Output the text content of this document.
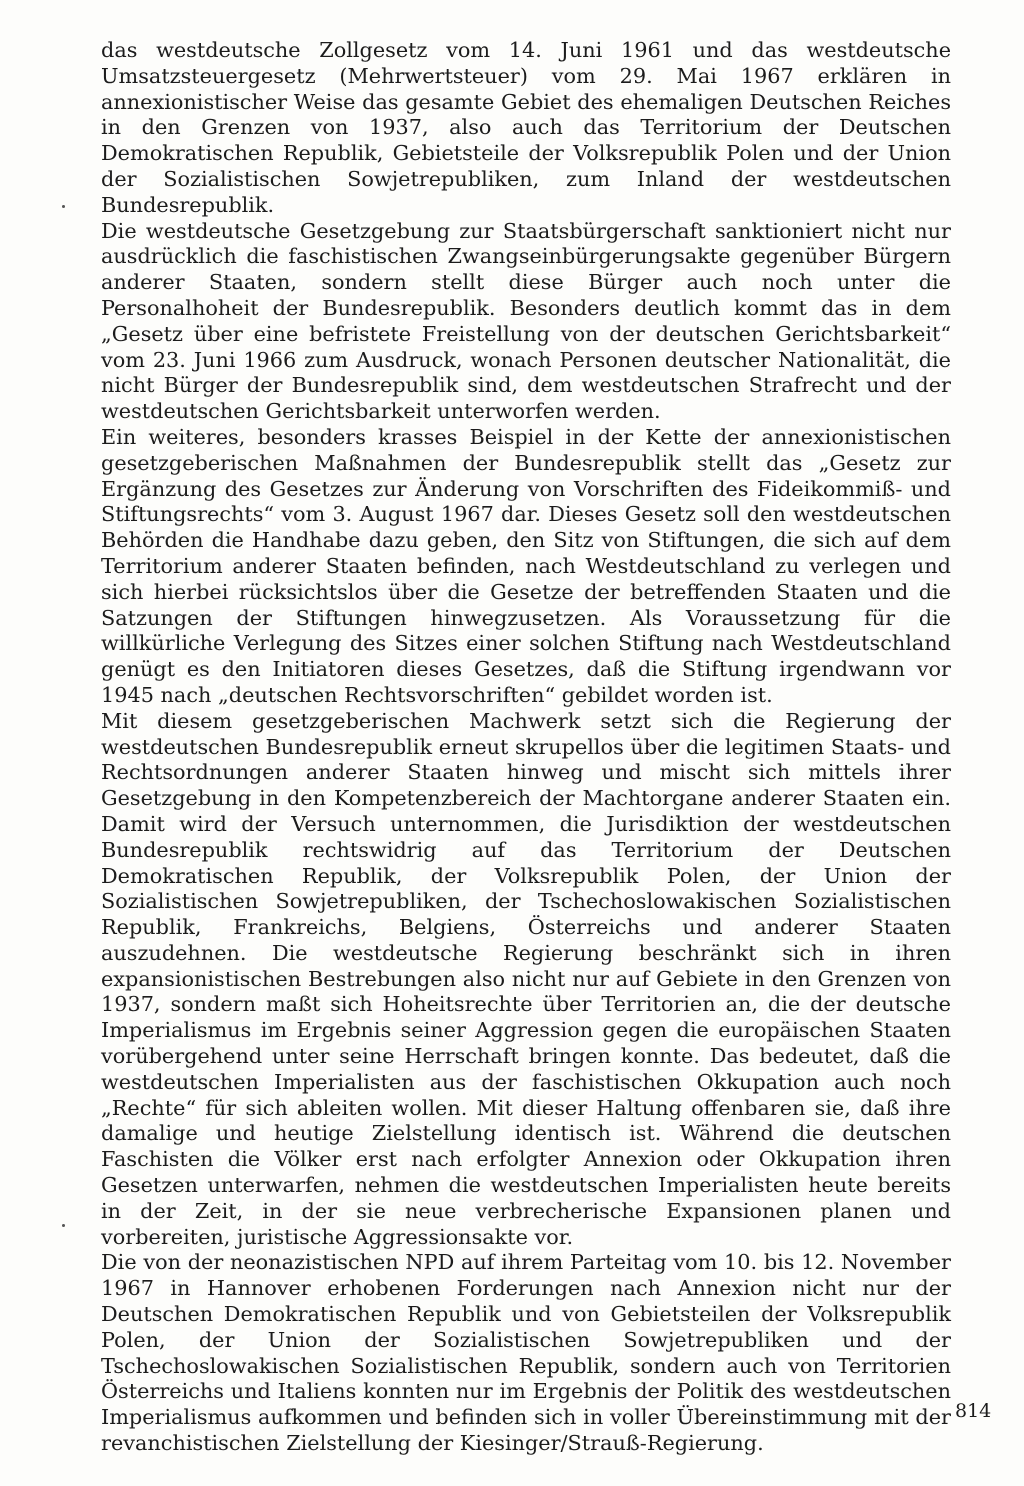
das westdeutsche Zollgesetz vom 14. Juni 1961 und das westdeutsche Umsatzsteuergesetz (Mehrwertsteuer) vom 29. Mai 1967 erklären in annexionistischer Weise das gesamte Gebiet des ehemaligen Deutschen Reiches in den Grenzen von 1937, also auch das Territorium der Deutschen Demokratischen Republik, Gebietsteile der Volksrepublik Polen und der Union der Sozialistischen Sowjetrepubliken, zum Inland der westdeutschen Bundesrepublik.

Die westdeutsche Gesetzgebung zur Staatsbürgerschaft sanktioniert nicht nur ausdrücklich die faschistischen Zwangseinbürgerungsakte gegenüber Bürgern anderer Staaten, sondern stellt diese Bürger auch noch unter die Personalhoheit der Bundesrepublik. Besonders deutlich kommt das in dem „Gesetz über eine befristete Freistellung von der deutschen Gerichtsbarkeit“ vom 23. Juni 1966 zum Ausdruck, wonach Personen deutscher Nationalität, die nicht Bürger der Bundesrepublik sind, dem westdeutschen Strafrecht und der westdeutschen Gerichtsbarkeit unterworfen werden.

Ein weiteres, besonders krasses Beispiel in der Kette der annexionistischen gesetzgeberischen Maßnahmen der Bundesrepublik stellt das „Gesetz zur Ergänzung des Gesetzes zur Änderung von Vorschriften des Fideikommiß- und Stiftungsrechts“ vom 3. August 1967 dar. Dieses Gesetz soll den westdeutschen Behörden die Handhabe dazu geben, den Sitz von Stiftungen, die sich auf dem Territorium anderer Staaten befinden, nach Westdeutschland zu verlegen und sich hierbei rücksichtslos über die Gesetze der betreffenden Staaten und die Satzungen der Stiftungen hinwegzusetzen. Als Voraussetzung für die willkürliche Verlegung des Sitzes einer solchen Stiftung nach Westdeutschland genügt es den Initiatoren dieses Gesetzes, daß die Stiftung irgendwann vor 1945 nach „deutschen Rechtsvorschriften“ gebildet worden ist.

Mit diesem gesetzgeberischen Machwerk setzt sich die Regierung der westdeutschen Bundesrepublik erneut skrupellos über die legitimen Staats- und Rechtsordnungen anderer Staaten hinweg und mischt sich mittels ihrer Gesetzgebung in den Kompetenzbereich der Machtorgane anderer Staaten ein. Damit wird der Versuch unternommen, die Jurisdiktion der westdeutschen Bundesrepublik rechtswidrig auf das Territorium der Deutschen Demokratischen Republik, der Volksrepublik Polen, der Union der Sozialistischen Sowjetrepubliken, der Tschechoslowakischen Sozialistischen Republik, Frankreichs, Belgiens, Österreichs und anderer Staaten auszudehnen. Die westdeutsche Regierung beschränkt sich in ihren expansionistischen Bestrebungen also nicht nur auf Gebiete in den Grenzen von 1937, sondern maßt sich Hoheitsrechte über Territorien an, die der deutsche Imperialismus im Ergebnis seiner Aggression gegen die europäischen Staaten vorübergehend unter seine Herrschaft bringen konnte. Das bedeutet, daß die westdeutschen Imperialisten aus der faschistischen Okkupation auch noch „Rechte“ für sich ableiten wollen. Mit dieser Haltung offenbaren sie, daß ihre damalige und heutige Zielstellung identisch ist. Während die deutschen Faschisten die Völker erst nach erfolgter Annexion oder Okkupation ihren Gesetzen unterwarfen, nehmen die westdeutschen Imperialisten heute bereits in der Zeit, in der sie neue verbrecherische Expansionen planen und vorbereiten, juristische Aggressionsakte vor.

Die von der neonazistischen NPD auf ihrem Parteitag vom 10. bis 12. November 1967 in Hannover erhobenen Forderungen nach Annexion nicht nur der Deutschen Demokratischen Republik und von Gebietsteilen der Volksrepublik Polen, der Union der Sozialistischen Sowjetrepubliken und der Tschechoslowakischen Sozialistischen Republik, sondern auch von Territorien Österreichs und Italiens konnten nur im Ergebnis der Politik des westdeutschen Imperialismus aufkommen und befinden sich in voller Übereinstimmung mit der revanchistischen Zielstellung der Kiesinger/Strauß-Regierung.

814
